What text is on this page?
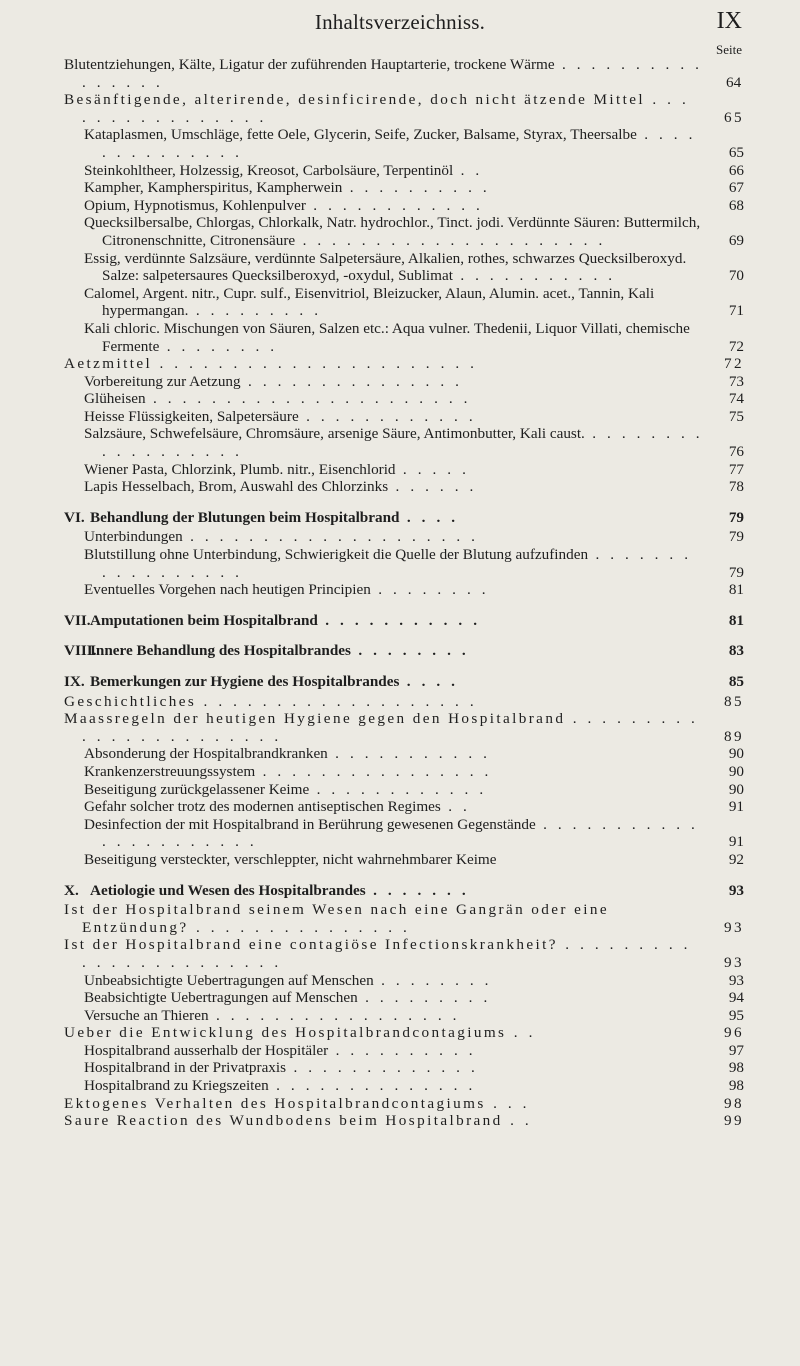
Inhaltsverzeichniss.	IX
Seite
Blutentziehungen, Kälte, Ligatur der zuführenden Hauptarterie, trockene Wärme . . . . . . . . . . . . . . . .	64
Besänftigende, alterirende, desinficirende, doch nicht ätzende Mittel . . . . . . . . . . . . . . . .	65
Kataplasmen, Umschläge, fette Oele, Glycerin, Seife, Zucker, Balsame, Styrax, Theersalbe . . . . . . . . . . . . . .	65
Steinkohltheer, Holzessig, Kreosot, Carbolsäure, Terpentinöl . .	66
Kampher, Kampherspiritus, Kampherwein . . . . . . . . . .	67
Opium, Hypnotismus, Kohlenpulver . . . . . . . . . . . .	68
Quecksilbersalbe, Chlorgas, Chlorkalk, Natr. hydrochlor., Tinct. jodi. Verdünnte Säuren: Buttermilch, Citronenschnitte, Citronensäure . . . . . . . . . . . . . . . . . . . . .	69
Essig, verdünnte Salzsäure, verdünnte Salpetersäure, Alkalien, rothes, schwarzes Quecksilberoxyd. Salze: salpetersaures Quecksilberoxyd, -oxydul, Sublimat . . . . . . . . . . .	70
Calomel, Argent. nitr., Cupr. sulf., Eisenvitriol, Bleizucker, Alaun, Alumin. acet., Tannin, Kali hypermangan. . . . . . . . . .	71
Kali chloric. Mischungen von Säuren, Salzen etc.: Aqua vulner. Thedenii, Liquor Villati, chemische Fermente . . . . . . . .	72
Aetzmittel . . . . . . . . . . . . . . . . . . . . . .	72
Vorbereitung zur Aetzung . . . . . . . . . . . . . . .	73
Glüheisen . . . . . . . . . . . . . . . . . . . . . .	74
Heisse Flüssigkeiten, Salpetersäure . . . . . . . . . . . .	75
Salzsäure, Schwefelsäure, Chromsäure, arsenige Säure, Antimonbutter, Kali caust. . . . . . . . . . . . . . . . . . .	76
Wiener Pasta, Chlorzink, Plumb. nitr., Eisenchlorid . . . . .	77
Lapis Hesselbach, Brom, Auswahl des Chlorzinks . . . . . .	78
VI. Behandlung der Blutungen beim Hospitalbrand . . . .	79
Unterbindungen . . . . . . . . . . . . . . . . . . . .	79
Blutstillung ohne Unterbindung, Schwierigkeit die Quelle der Blutung aufzufinden . . . . . . . . . . . . . . . . .	79
Eventuelles Vorgehen nach heutigen Principien . . . . . . . .	81
VII.Amputationen beim Hospitalbrand . . . . . . . . . . .	81
VIII.Innere Behandlung des Hospitalbrandes . . . . . . . .	83
IX. Bemerkungen zur Hygiene des Hospitalbrandes . . . .	85
Geschichtliches . . . . . . . . . . . . . . . . . . .	85
Maassregeln der heutigen Hygiene gegen den Hospitalbrand . . . . . . . . . . . . . . . . . . . . . . .	89
Absonderung der Hospitalbrandkranken . . . . . . . . . . .	90
Krankenzerstreuungssystem . . . . . . . . . . . . . . . .	90
Beseitigung zurückgelassener Keime . . . . . . . . . . . .	90
Gefahr solcher trotz des modernen antiseptischen Regimes . .	91
Desinfection der mit Hospitalbrand in Berührung gewesenen Gegenstände . . . . . . . . . . . . . . . . . . . . . .	91
Beseitigung versteckter, verschleppter, nicht wahrnehmbarer Keime	92
X. Aetiologie und Wesen des Hospitalbrandes . . . . . . .	93
Ist der Hospitalbrand seinem Wesen nach eine Gangrän oder eine Entzündung? . . . . . . . . . . . . . . .	93
Ist der Hospitalbrand eine contagiöse Infectionskrankheit? . . . . . . . . . . . . . . . . . . . . . . .	93
Unbeabsichtigte Uebertragungen auf Menschen . . . . . . . .	93
Beabsichtigte Uebertragungen auf Menschen . . . . . . . . .	94
Versuche an Thieren . . . . . . . . . . . . . . . . .	95
Ueber die Entwicklung des Hospitalbrandcontagiums . .	96
Hospitalbrand ausserhalb der Hospitäler . . . . . . . . . .	97
Hospitalbrand in der Privatpraxis . . . . . . . . . . . . .	98
Hospitalbrand zu Kriegszeiten . . . . . . . . . . . . . .	98
Ektogenes Verhalten des Hospitalbrandcontagiums . . .	98
Saure Reaction des Wundbodens beim Hospitalbrand . .	99
